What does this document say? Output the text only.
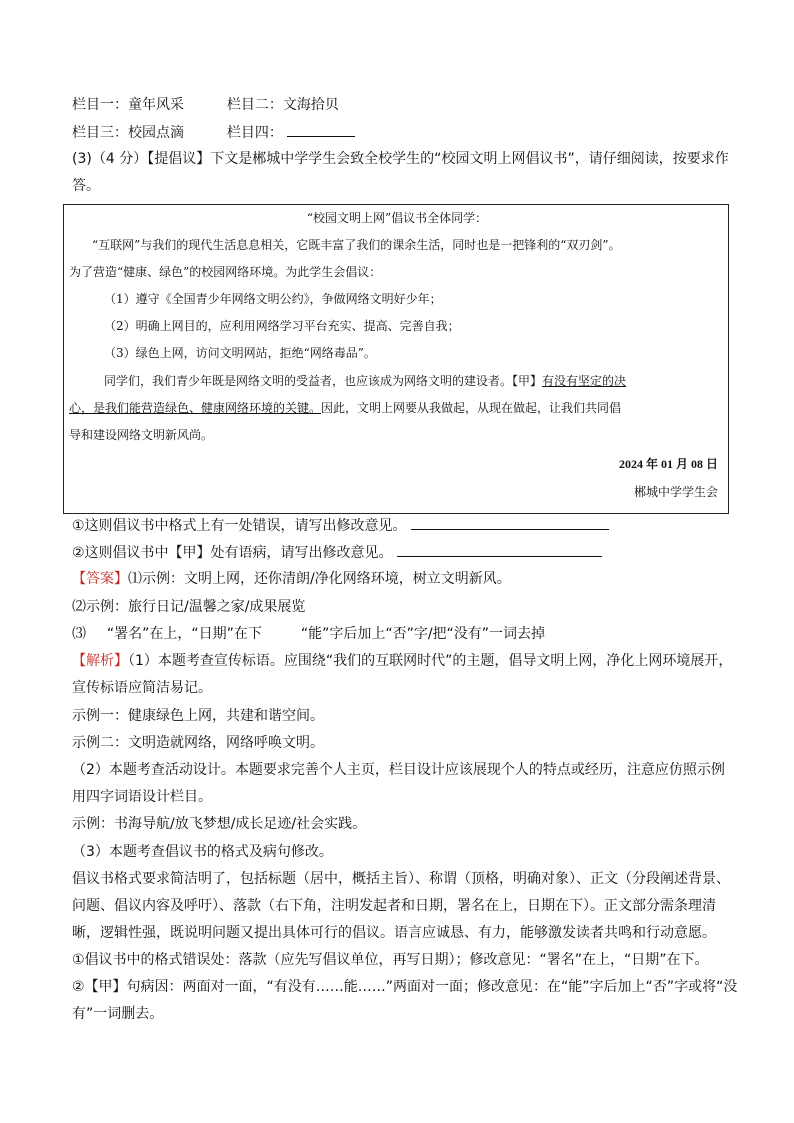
栏目一：童年风采	栏目二：文海拾贝
栏目三：校园点滴	栏目四：
(3)（4 分）【提倡议】下文是郴城中学学生会致全校学生的“校园文明上网倡议书”，请仔细阅读，按要求作
答。
“校园文明上网”倡议书全体同学：
“互联网”与我们的现代生活息息相关，它既丰富了我们的课余生活，同时也是一把锋利的“双刃剑”。
为了营造“健康、绿色”的校园网络环境。为此学生会倡议：
（1）遵守《全国青少年网络文明公约》，争做网络文明好少年；
（2）明确上网目的，应利用网络学习平台充实、提高、完善自我；
（3）绿色上网，访问文明网站，拒绝“网络毒品”。
同学们，我们青少年既是网络文明的受益者，也应该成为网络文明的建设者。【甲】有没有坚定的决
心，是我们能营造绿色、健康网络环境的关键。因此，文明上网要从我做起，从现在做起，让我们共同倡
导和建设网络文明新风尚。
2024 年 01 月 08 日
郴城中学学生会
①这则倡议书中格式上有一处错误，请写出修改意见。
②这则倡议书中【甲】处有语病，请写出修改意见。
【答案】⑴示例：文明上网，还你清朗/净化网络环境，树立文明新风。
⑵示例：旅行日记/温馨之家/成果展览
⑶ “署名”在上，“日期”在下	“能”字后加上“否”字/把“没有”一词去掉
【解析】（1）本题考查宣传标语。应围绕“我们的互联网时代”的主题，倡导文明上网，净化上网环境展开，
宣传标语应简洁易记。
示例一：健康绿色上网，共建和谐空间。
示例二：文明造就网络，网络呼唤文明。
（2）本题考查活动设计。本题要求完善个人主页，栏目设计应该展现个人的特点或经历，注意应仿照示例
用四字词语设计栏目。
示例：书海导航/放飞梦想/成长足迹/社会实践。
（3）本题考查倡议书的格式及病句修改。
倡议书格式要求简洁明了，包括标题（居中，概括主旨）、称谓（顶格，明确对象）、正文（分段阐述背景、
问题、倡议内容及呼吁）、落款（右下角，注明发起者和日期，署名在上，日期在下）。正文部分需条理清
晰，逻辑性强，既说明问题又提出具体可行的倡议。语言应诚恳、有力，能够激发读者共鸣和行动意愿。
①倡议书中的格式错误处：落款（应先写倡议单位，再写日期）；修改意见：“署名”在上，“日期”在下。
②【甲】句病因：两面对一面，“有没有……能……”两面对一面；修改意见：在“能”字后加上“否”字或将“没
有”一词删去。
